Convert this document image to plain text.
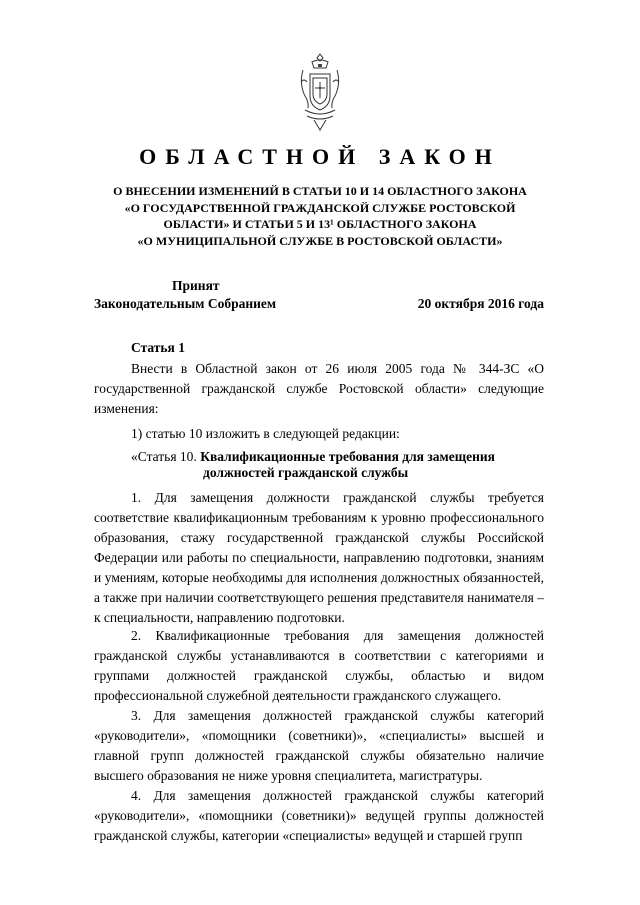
ОБЛАСТНОЙ ЗАКОН
О ВНЕСЕНИИ ИЗМЕНЕНИЙ В СТАТЬИ 10 И 14 ОБЛАСТНОГО ЗАКОНА
«О ГОСУДАРСТВЕННОЙ ГРАЖДАНСКОЙ СЛУЖБЕ РОСТОВСКОЙ
ОБЛАСТИ» И СТАТЬИ 5 И 13¹ ОБЛАСТНОГО ЗАКОНА
«О МУНИЦИПАЛЬНОЙ СЛУЖБЕ В РОСТОВСКОЙ ОБЛАСТИ»
Принят
Законодательным Собранием	20 октября 2016 года
Статья 1

Внести в Областной закон от 26 июля 2005 года № 344-ЗС «О государственной гражданской службе Ростовской области» следующие изменения:

1) статью 10 изложить в следующей редакции:

«Статья 10. Квалификационные требования для замещения
должностей гражданской службы

1. Для замещения должности гражданской службы требуется соответствие квалификационным требованиям к уровню профессионального образования, стажу государственной гражданской службы Российской Федерации или работы по специальности, направлению подготовки, знаниям и умениям, которые необходимы для исполнения должностных обязанностей, а также при наличии соответствующего решения представителя нанимателя – к специальности, направлению подготовки.

2. Квалификационные требования для замещения должностей гражданской службы устанавливаются в соответствии с категориями и группами должностей гражданской службы, областью и видом профессиональной служебной деятельности гражданского служащего.

3. Для замещения должностей гражданской службы категорий «руководители», «помощники (советники)», «специалисты» высшей и главной групп должностей гражданской службы обязательно наличие высшего образования не ниже уровня специалитета, магистратуры.

4. Для замещения должностей гражданской службы категорий «руководители», «помощники (советники)» ведущей группы должностей гражданской службы, категории «специалисты» ведущей и старшей групп
